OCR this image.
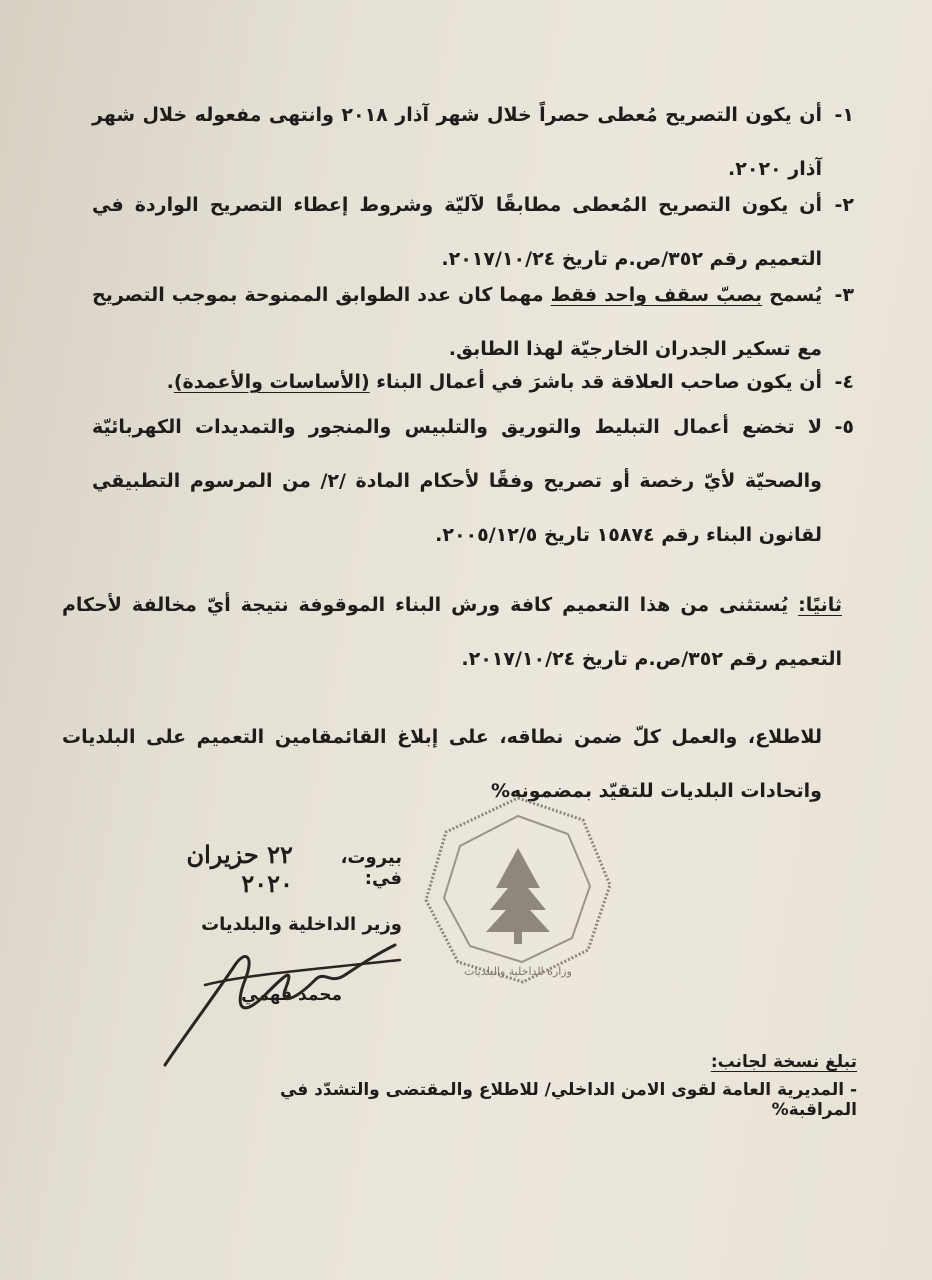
١-
أن يكون التصريح مُعطى حصراً خلال شهر آذار ٢٠١٨ وانتهى مفعوله خلال شهر آذار ٢٠٢٠.
٢-
أن يكون التصريح المُعطى مطابقًا لآليّة وشروط إعطاء التصريح الواردة في التعميم رقم ٣٥٢/ص.م تاريخ ٢٠١٧/١٠/٢٤.
٣-
يُسمح بصبّ سقف واحد فقط مهما كان عدد الطوابق الممنوحة بموجب التصريح مع تسكير الجدران الخارجيّة لهذا الطابق.
٤-
أن يكون صاحب العلاقة قد باشرَ في أعمال البناء (الأساسات والأعمدة).
٥-
لا تخضع أعمال التبليط والتوريق والتلبيس والمنجور والتمديدات الكهربائيّة والصحيّة لأيّ رخصة أو تصريح وفقًا لأحكام المادة /٢/ من المرسوم التطبيقي لقانون البناء رقم ١٥٨٧٤ تاريخ ٢٠٠٥/١٢/٥.
ثانيًا: يُستثنى من هذا التعميم كافة ورش البناء الموقوفة نتيجة أيّ مخالفة لأحكام التعميم رقم ٣٥٢/ص.م تاريخ ٢٠١٧/١٠/٢٤.
للاطلاع، والعمل كلّ ضمن نطاقه، على إبلاغ القائمقامين التعميم على البلديات واتحادات البلديات للتقيّد بمضمونه%
بيروت، في:
٢٢ حزيران ٢٠٢٠
وزير الداخلية والبلديات
محمد فهمي
وزارة الداخلية والبلديات
تبلغ نسخة لجانب:
- المديرية العامة لقوى الامن الداخلي/ للاطلاع والمقتضى والتشدّد في المراقبة%
